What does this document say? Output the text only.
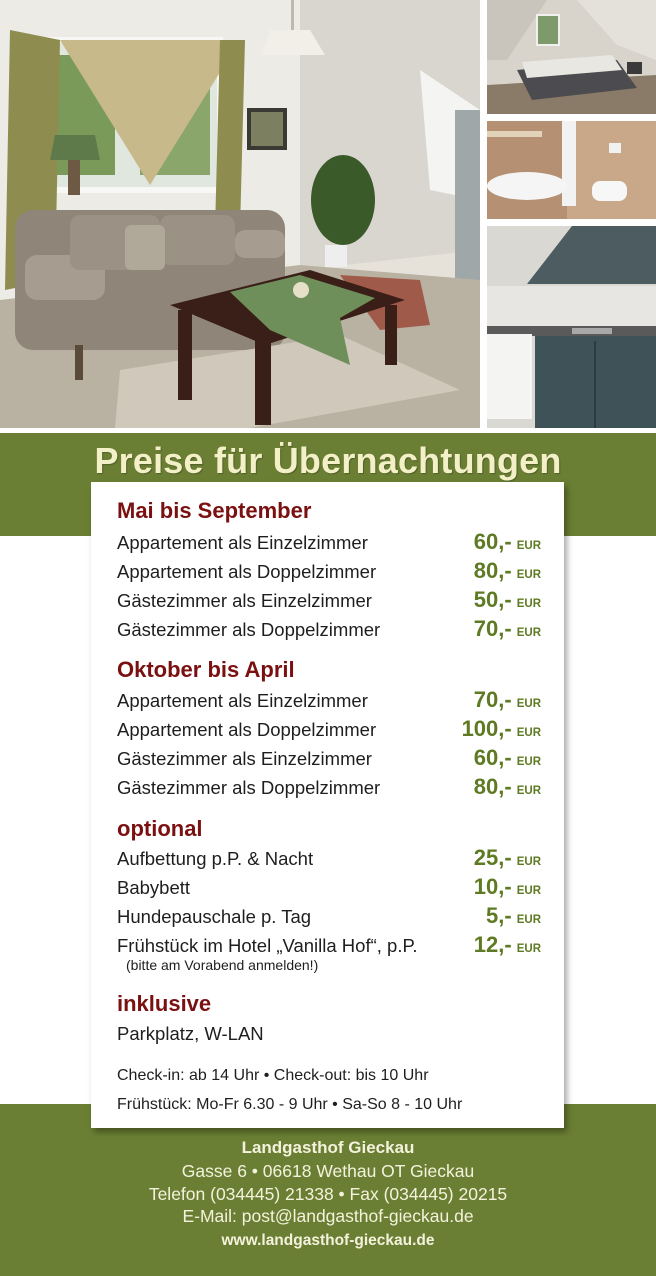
Preise für Übernachtungen
Mai bis September
Appartement als Einzelzimmer	60,- EUR
Appartement als Doppelzimmer	80,- EUR
Gästezimmer als Einzelzimmer	50,- EUR
Gästezimmer als Doppelzimmer	70,- EUR
Oktober bis April
Appartement als Einzelzimmer	70,- EUR
Appartement als Doppelzimmer	100,- EUR
Gästezimmer als Einzelzimmer	60,- EUR
Gästezimmer als Doppelzimmer	80,- EUR
optional
Aufbettung p.P. & Nacht	25,- EUR
Babybett	10,- EUR
Hundepauschale p. Tag	5,- EUR
Frühstück im Hotel „Vanilla Hof“, p.P.	12,- EUR
(bitte am Vorabend anmelden!)
inklusive
Parkplatz, W-LAN
Check-in: ab 14 Uhr • Check-out: bis 10 Uhr
Frühstück: Mo-Fr 6.30 - 9 Uhr • Sa-So 8 - 10 Uhr
Landgasthof Gieckau
Gasse 6 • 06618 Wethau OT Gieckau
Telefon (034445) 21338 • Fax (034445) 20215
E-Mail: post@landgasthof-gieckau.de
www.landgasthof-gieckau.de
